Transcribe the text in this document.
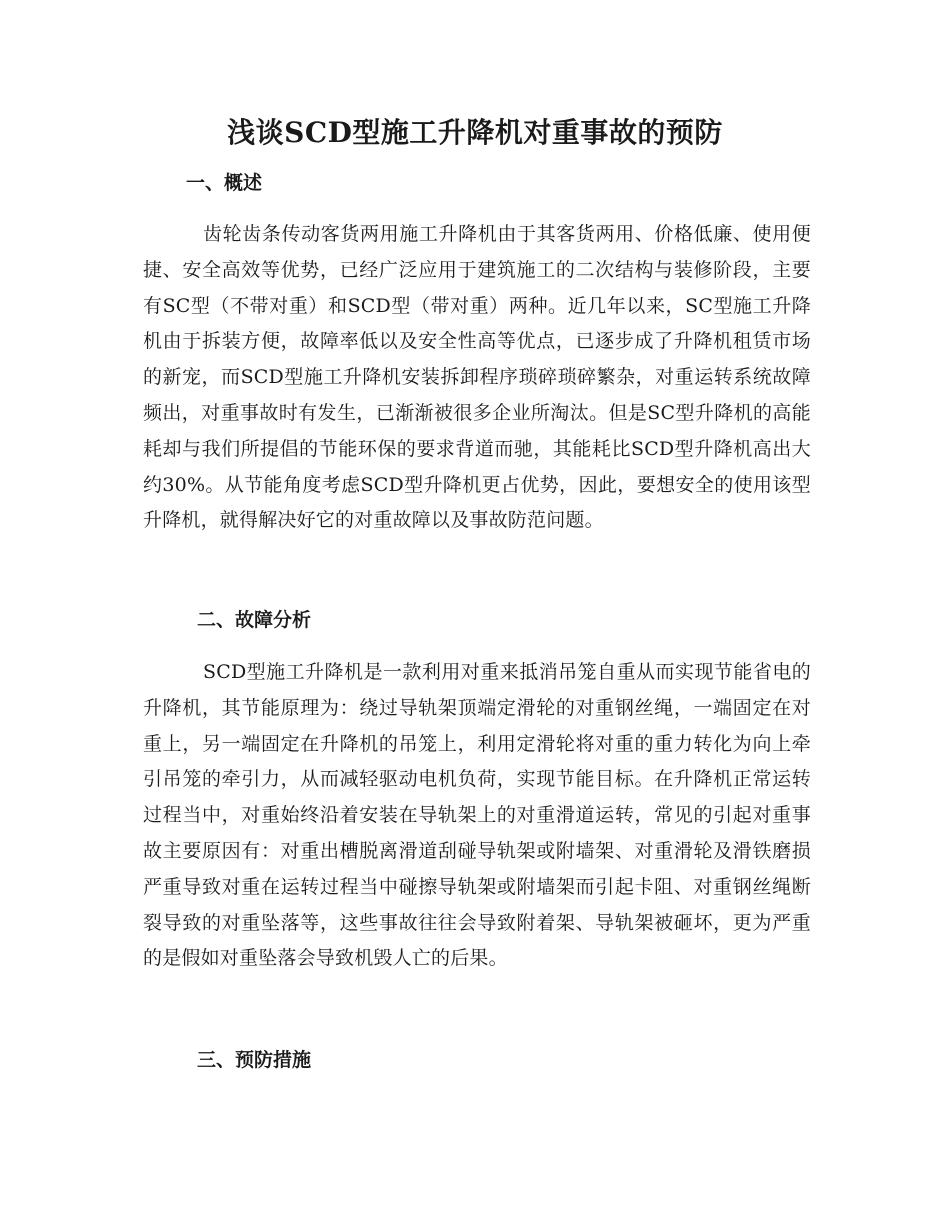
浅谈SCD型施工升降机对重事故的预防
一、概述

齿轮齿条传动客货两用施工升降机由于其客货两用、价格低廉、使用便捷、安全高效等优势，已经广泛应用于建筑施工的二次结构与装修阶段，主要有SC型（不带对重）和SCD型（带对重）两种。近几年以来，SC型施工升降机由于拆装方便，故障率低以及安全性高等优点，已逐步成了升降机租赁市场的新宠，而SCD型施工升降机安装拆卸程序琐碎琐碎繁杂，对重运转系统故障频出，对重事故时有发生，已渐渐被很多企业所淘汰。但是SC型升降机的高能耗却与我们所提倡的节能环保的要求背道而驰，其能耗比SCD型升降机高出大约30%。从节能角度考虑SCD型升降机更占优势，因此，要想安全的使用该型升降机，就得解决好它的对重故障以及事故防范问题。

二、故障分析

SCD型施工升降机是一款利用对重来抵消吊笼自重从而实现节能省电的升降机，其节能原理为：绕过导轨架顶端定滑轮的对重钢丝绳，一端固定在对重上，另一端固定在升降机的吊笼上，利用定滑轮将对重的重力转化为向上牵引吊笼的牵引力，从而减轻驱动电机负荷，实现节能目标。在升降机正常运转过程当中，对重始终沿着安装在导轨架上的对重滑道运转，常见的引起对重事故主要原因有：对重出槽脱离滑道刮碰导轨架或附墙架、对重滑轮及滑铁磨损严重导致对重在运转过程当中碰擦导轨架或附墙架而引起卡阻、对重钢丝绳断裂导致的对重坠落等，这些事故往往会导致附着架、导轨架被砸坏，更为严重的是假如对重坠落会导致机毁人亡的后果。

三、预防措施
